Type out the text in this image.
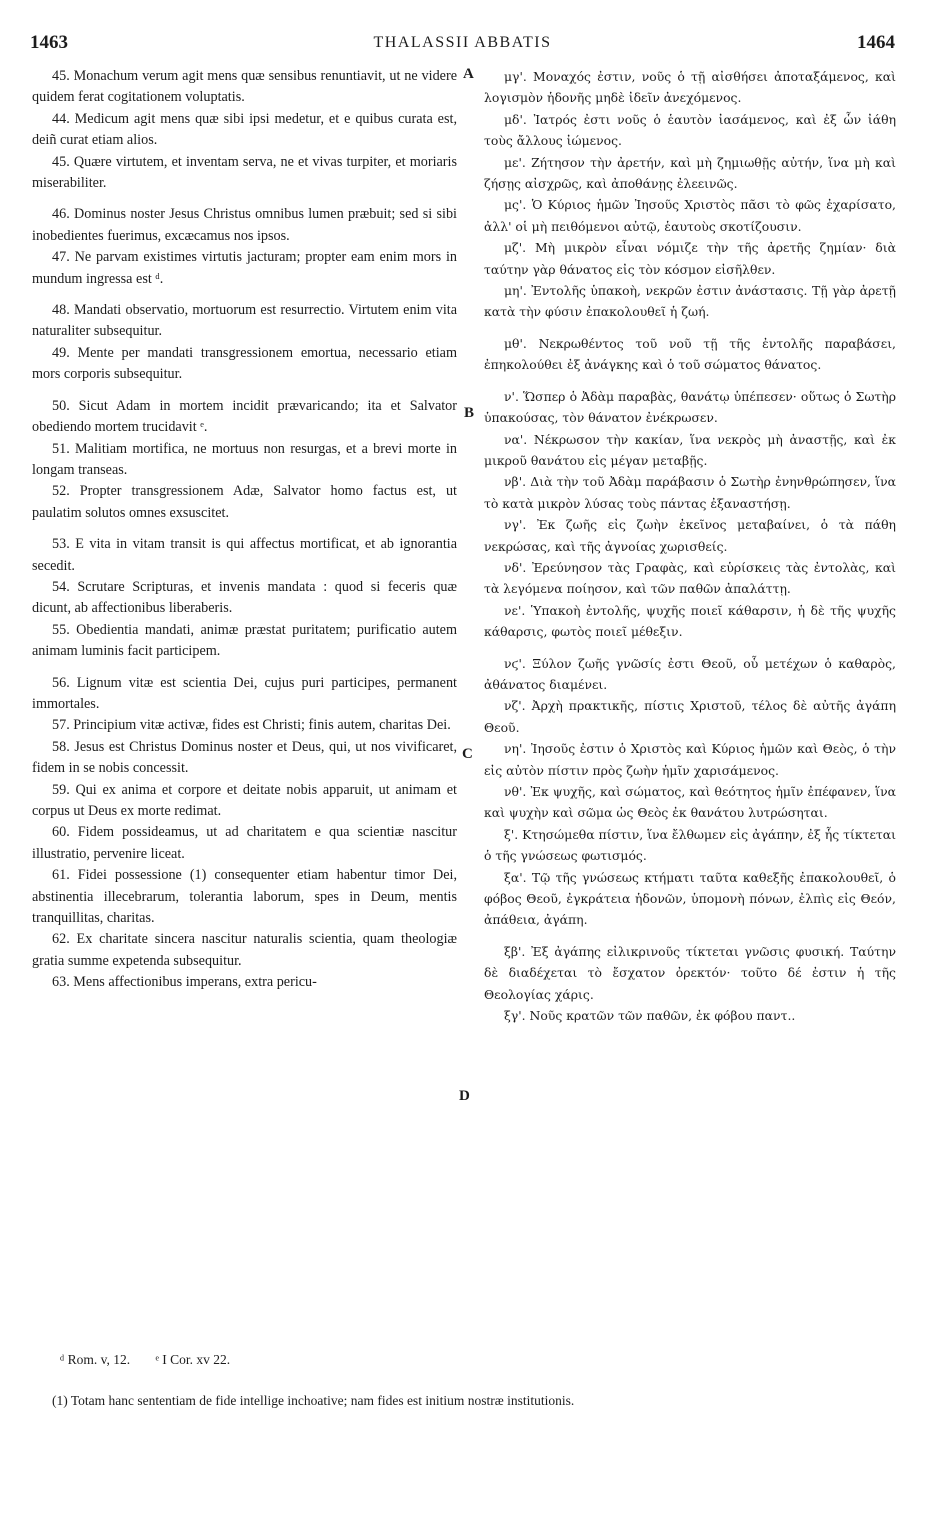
1463	THALASSII ABBATIS	1464

45. Monachum verum agit mens quæ sensibus renuntiavit, ut ne videre quidem ferat cogitationem voluptatis.

44. Medicum agit mens quæ sibi ipsi medetur, et e quibus curata est, deiñ curat etiam alios.

45. Quære virtutem, et inventam serva, ne et vivas turpiter, et moriaris miserabiliter.

46. Dominus noster Jesus Christus omnibus lumen præbuit; sed si sibi inobedientes fuerimus, excæcamus nos ipsos.

47. Ne parvam existimes virtutis jacturam; propter eam enim mors in mundum ingressa est ᵈ.

48. Mandati observatio, mortuorum est resurrectio. Virtutem enim vita naturaliter subsequitur.

49. Mente per mandati transgressionem emortua, necessario etiam mors corporis subsequitur.

50. Sicut Adam in mortem incidit prævaricando; ita et Salvator obediendo mortem trucidavit ᵉ.

51. Malitiam mortifica, ne mortuus non resurgas, et a brevi morte in longam transeas.

52. Propter transgressionem Adæ, Salvator homo factus est, ut paulatim solutos omnes exsuscitet.

53. E vita in vitam transit is qui affectus mortificat, et ab ignorantia secedit.

54. Scrutare Scripturas, et invenis mandata : quod si feceris quæ dicunt, ab affectionibus liberaberis.

55. Obedientia mandati, animæ præstat puritatem; purificatio autem animam luminis facit participem.

56. Lignum vitæ est scientia Dei, cujus puri participes, permanent immortales.

57. Principium vitæ activæ, fides est Christi; finis autem, charitas Dei.

58. Jesus est Christus Dominus noster et Deus, qui, ut nos vivificaret, fidem in se nobis concessit.

59. Qui ex anima et corpore et deitate nobis apparuit, ut animam et corpus ut Deus ex morte redimat.

60. Fidem possideamus, ut ad charitatem e qua scientiæ nascitur illustratio, pervenire liceat.

61. Fidei possessione (1) consequenter etiam habentur timor Dei, abstinentia illecebrarum, tolerantia laborum, spes in Deum, mentis tranquillitas, charitas.

62. Ex charitate sincera nascitur naturalis scientia, quam theologiæ gratia summe expetenda subsequitur.

63. Mens affectionibus imperans, extra pericu-

μγ'. Μοναχός ἐστιν, νοῦς ὁ τῇ αἰσθήσει ἀποταξάμενος, καὶ λογισμὸν ἡδονῆς μηδὲ ἰδεῖν ἀνεχόμενος.

μδ'. Ἰατρός ἐστι νοῦς ὁ ἑαυτὸν ἰασάμενος, καὶ ἐξ ὧν ἰάθη τοὺς ἄλλους ἰώμενος.

με'. Ζήτησον τὴν ἀρετήν, καὶ μὴ ζημιωθῇς αὐτήν, ἵνα μὴ καὶ ζήσῃς αἰσχρῶς, καὶ ἀποθάνῃς ἐλεεινῶς.

μς'. Ὁ Κύριος ἡμῶν Ἰησοῦς Χριστὸς πᾶσι τὸ φῶς ἐχαρίσατο, ἀλλ' οἱ μὴ πειθόμενοι αὐτῷ, ἑαυτοὺς σκοτίζουσιν.

μζ'. Μὴ μικρὸν εἶναι νόμιζε τὴν τῆς ἀρετῆς ζημίαν· διὰ ταύτην γὰρ θάνατος εἰς τὸν κόσμον εἰσῆλθεν.

μη'. Ἐντολῆς ὑπακοὴ, νεκρῶν ἐστιν ἀνάστασις. Τῇ γὰρ ἀρετῇ κατὰ τὴν φύσιν ἐπακολουθεῖ ἡ ζωή.

μθ'. Νεκρωθέντος τοῦ νοῦ τῇ τῆς ἐντολῆς παραβάσει, ἐπηκολούθει ἐξ ἀνάγκης καὶ ὁ τοῦ σώματος θάνατος.

ν'. Ὥσπερ ὁ Ἀδὰμ παραβὰς, θανάτῳ ὑπέπεσεν· οὕτως ὁ Σωτὴρ ὑπακούσας, τὸν θάνατον ἐνέκρωσεν.

να'. Νέκρωσον τὴν κακίαν, ἵνα νεκρὸς μὴ ἀναστῇς, καὶ ἐκ μικροῦ θανάτου εἰς μέγαν μεταβῇς.

νβ'. Διὰ τὴν τοῦ Ἀδὰμ παράβασιν ὁ Σωτὴρ ἐνηνθρώπησεν, ἵνα τὸ κατὰ μικρὸν λύσας τοὺς πάντας ἐξαναστήσῃ.

νγ'. Ἐκ ζωῆς εἰς ζωὴν ἐκεῖνος μεταβαίνει, ὁ τὰ πάθη νεκρώσας, καὶ τῆς ἀγνοίας χωρισθείς.

νδ'. Ἐρεύνησον τὰς Γραφὰς, καὶ εὑρίσκεις τὰς ἐντολὰς, καὶ τὰ λεγόμενα ποίησον, καὶ τῶν παθῶν ἀπαλάττῃ.

νε'. Ὑπακοὴ ἐντολῆς, ψυχῆς ποιεῖ κάθαρσιν, ἡ δὲ τῆς ψυχῆς κάθαρσις, φωτὸς ποιεῖ μέθεξιν.

νϛ'. Ξύλον ζωῆς γνῶσίς ἐστι Θεοῦ, οὗ μετέχων ὁ καθαρὸς, ἀθάνατος διαμένει.

νζ'. Ἀρχὴ πρακτικῆς, πίστις Χριστοῦ, τέλος δὲ αὐτῆς ἀγάπη Θεοῦ.

νη'. Ἰησοῦς ἐστιν ὁ Χριστὸς καὶ Κύριος ἡμῶν καὶ Θεὸς, ὁ τὴν εἰς αὐτὸν πίστιν πρὸς ζωὴν ἡμῖν χαρισάμενος.

νθ'. Ἐκ ψυχῆς, καὶ σώματος, καὶ θεότητος ἡμῖν ἐπέφανεν, ἵνα καὶ ψυχὴν καὶ σῶμα ὡς Θεὸς ἐκ θανάτου λυτρώσηται.

ξ'. Κτησώμεθα πίστιν, ἵνα ἔλθωμεν εἰς ἀγάπην, ἐξ ἧς τίκτεται ὁ τῆς γνώσεως φωτισμός.

ξα'. Τῷ τῆς γνώσεως κτήματι ταῦτα καθεξῆς ἐπακολουθεῖ, ὁ φόβος Θεοῦ, ἐγκράτεια ἡδονῶν, ὑπομονὴ πόνων, ἐλπὶς εἰς Θεόν, ἀπάθεια, ἀγάπη.

ξβ'. Ἐξ ἀγάπης εἰλικρινοῦς τίκτεται γνῶσις φυσική. Ταύτην δὲ διαδέχεται τὸ ἔσχατον ὀρεκτόν· τοῦτο δέ ἐστιν ἡ τῆς Θεολογίας χάρις.

ξγ'. Νοῦς κρατῶν τῶν παθῶν, ἐκ φόβου παντ..

A
B
C
D
ᵈ Rom. v, 12. ᵉ I Cor. xv 22.
(1) Totam hanc sententiam de fide intellige inchoative; nam fides est initium nostræ institutionis.
